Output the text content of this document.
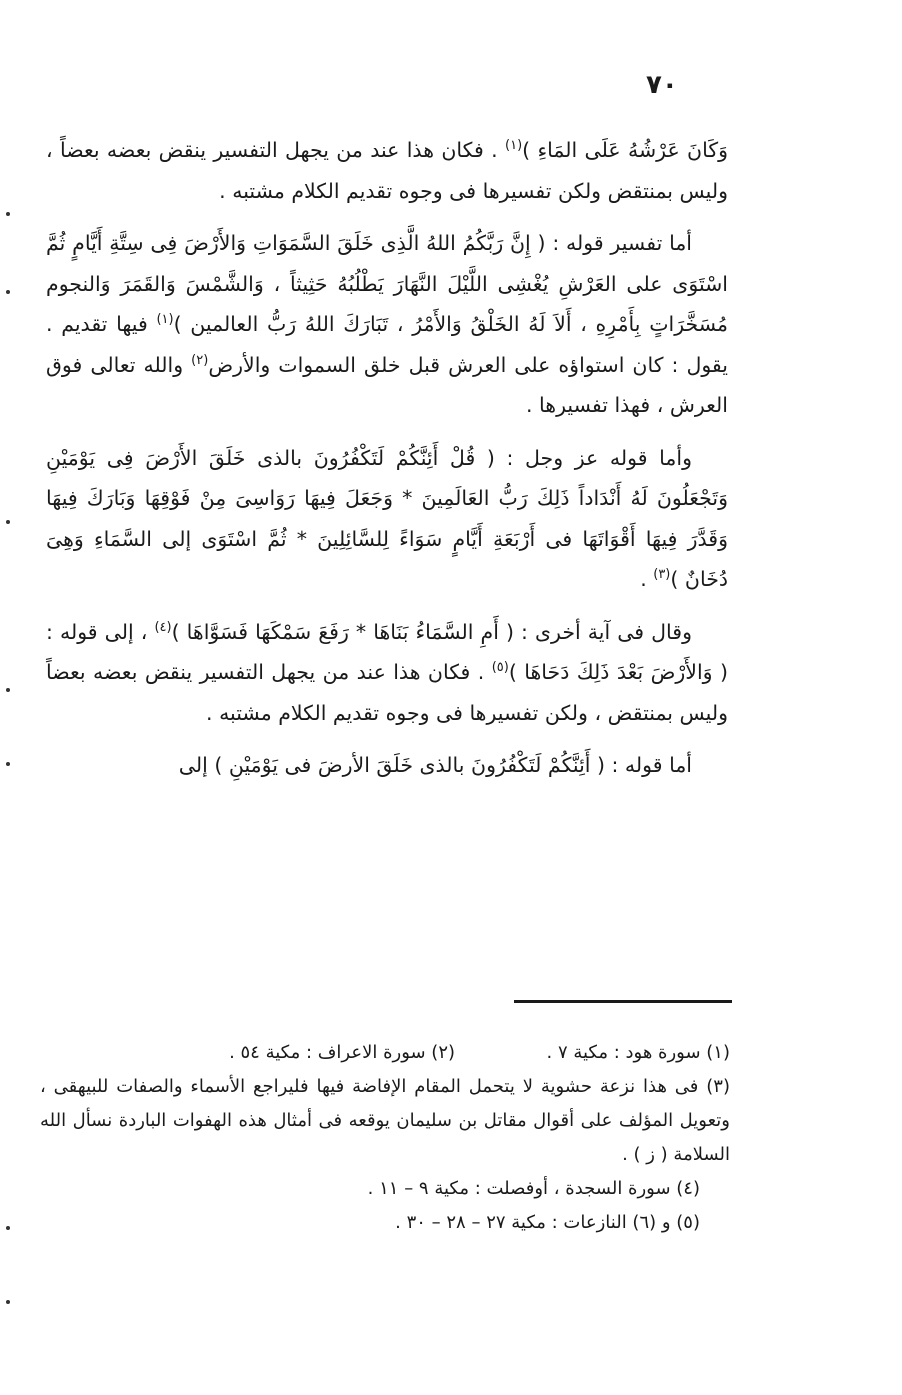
٧٠

وَكَانَ عَرْشُهُ عَلَى المَاءِ )$^{(١)}$ . فكان هذا عند من يجهل التفسير ينقض بعضه بعضاً ، وليس بمنتقض ولكن تفسيرها فى وجوه تقديم الكلام مشتبه .

أما تفسير قوله : ( إِنَّ رَبَّكُمُ اللهُ الَّذِى خَلَقَ السَّمَوَاتِ وَالأَرْضَ فِى سِتَّةِ أَيَّامٍ ثُمَّ اسْتَوَى على العَرْشِ يُغْشِى اللَّيْلَ النَّهَارَ يَطْلُبُهُ حَثِيثاً ، وَالشَّمْسَ وَالقَمَرَ وَالنجوم مُسَخَّرَاتٍ بِأَمْرِهِ ، أَلاَ لَهُ الخَلْقُ وَالأَمْرُ ، تَبَارَكَ اللهُ رَبُّ العالمين )$^{(١)}$ فيها تقديم . يقول : كان استواؤه على العرش قبل خلق السموات والأرض$^{(٢)}$ والله تعالى فوق العرش ، فهذا تفسيرها .

وأما قوله عز وجل : ( قُلْ أَئِنَّكُمْ لَتَكْفُرُونَ بالذى خَلَقَ الأَرْضَ فِى يَوْمَيْنِ وَتَجْعَلُونَ لَهُ أَنْدَاداً ذَلِكَ رَبُّ العَالَمِينَ * وَجَعَلَ فِيهَا رَوَاسِىَ مِنْ فَوْقِهَا وَبَارَكَ فِيهَا وَقَدَّرَ فِيهَا أَقْوَاتَهَا فى أَرْبَعَةِ أَيَّامٍ سَوَاءً لِلسَّائِلِينَ * ثُمَّ اسْتَوَى إلى السَّمَاءِ وَهِىَ دُخَانٌ )$^{(٣)}$ .

وقال فى آية أخرى : ( أَمِ السَّمَاءُ بَنَاهَا * رَفَعَ سَمْكَهَا فَسَوَّاهَا )$^{(٤)}$ ، إلى قوله : ( وَالأَرْضَ بَعْدَ ذَلِكَ دَحَاهَا )$^{(٥)}$ . فكان هذا عند من يجهل التفسير ينقض بعضه بعضاً وليس بمنتقض ، ولكن تفسيرها فى وجوه تقديم الكلام مشتبه .

أما قوله : ( أَئِنَّكُمْ لَتَكْفُرُونَ بالذى خَلَقَ الأرضَ فى يَوْمَيْنِ ) إلى

(١) سورة هود : مكية ٧ .  (٢) سورة الاعراف : مكية ٥٤ .

(٣) فى هذا نزعة حشوية لا يتحمل المقام الإفاضة فيها فليراجع الأسماء والصفات للبيهقى ، وتعويل المؤلف على أقوال مقاتل بن سليمان يوقعه فى أمثال هذه الهفوات الباردة نسأل الله السلامة ( ز ) .

(٤) سورة السجدة ، أوفصلت : مكية ٩ – ١١ .

(٥) و (٦) النازعات : مكية ٢٧ – ٢٨ – ٣٠ .
